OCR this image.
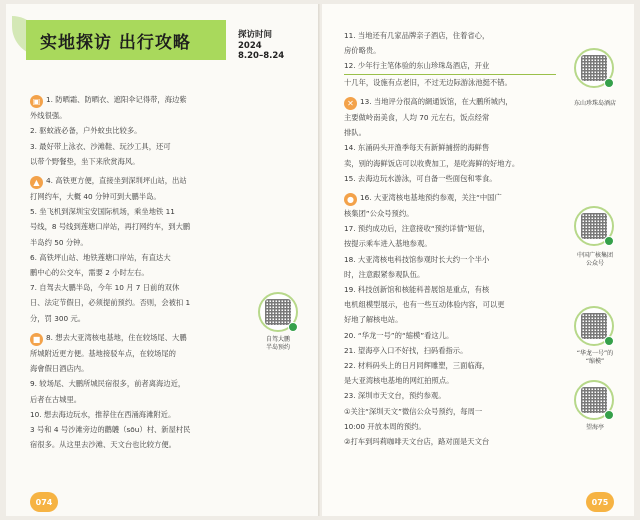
实地探访 出行攻略	探访时间
2024
8.20–8.24

▣ 1. 防晒霜、防晒衣、遮阳伞记得带，海边紫

外线很强。

2. 驱蚊液必备，户外蚊虫比较多。

3. 最好带上泳衣、沙滩鞋、玩沙工具，还可

以带个野餐垫，坐下来欣赏海风。

▲ 4. 高铁更方便，直接坐到深圳坪山站，出站

打网约车，大概 40 分钟可到大鹏半岛。

5. 坐飞机到深圳宝安国际机场，乘坐地铁 11

号线，8 号线到莲塘口岸站，再打网约车，到大鹏

半岛约 50 分钟。

6. 高铁坪山站、地铁莲塘口岸站，有直达大

鹏中心的公交车，需要 2 小时左右。

7. 自驾去大鹏半岛，今年 10 月 7 日前的双休

日、法定节假日，必须提前预约。否则，会被扣 1

分，罚 300 元。

■ 8. 想去大亚湾核电基地，住在较场尾、大鹏

所城附近更方便。基地接驳车点，在较场尾的

海會假日酒店内。

9. 较场尾、大鹏所城民宿很多，前者离海边近，

后者在古城里。

10. 想去海边玩水，推荐住在西涌海滩附近。

3 号和 4 号沙滩旁边的鹳鸌（sōu）村、新屋村民

宿很多。从这里去沙滩、天文台也比较方便。

11. 当地还有几家品牌亲子酒店，住着省心，

房价略贵。

12. 少年行主笔体验的东山珍珠岛酒店，开业

十几年，设施有点老旧，不过无边际游泳池挺不错。

✕ 13. 当地评分很高的網通饭馆，在大鹏所城内，

主要做岭南美食，人均 70 元左右，饭点经常

排队。

14. 东涌码头开渔季每天有新鲜捕捞的海鲜售

卖，别的海鲜饭店可以收费加工，是吃海鲜的好地方。

15. 去海边玩水游泳，可自备一些面包和零食。

● 16. 大亚湾核电基地预约参观，关注“中国广

核集团”公众号预约。

17. 预约成功后，注意接收“预约详情”短信，

按提示乘车进入基地参观。

18. 大亚湾核电科技馆参观时长大约一个半小

时，注意跟紧参观队伍。

19. 科技创新馆和核能科普展馆是重点，有核

电机组模型展示，也有一些互动体验内容，可以更

好地了解核电站。

20. “华龙一号”的“缩模”看这儿。

21. 望海亭入口不好找，扫码看指示。

22. 材料码头上的日月同辉雕塑，三面临海，

是大亚湾核电基地的网红拍照点。

23. 深圳市天文台，预约参观。

①关注“深圳天文”微信公众号预约，每周一

10:00 开放本周的预约。

②打车到玛莉咖啡天文台店，路对面是天文台

东山珍珠岛酒店
中国广核集团
公众号
“华龙一号”的
“缩模”
望海亭
自驾大鹏
半岛预约
074	075
